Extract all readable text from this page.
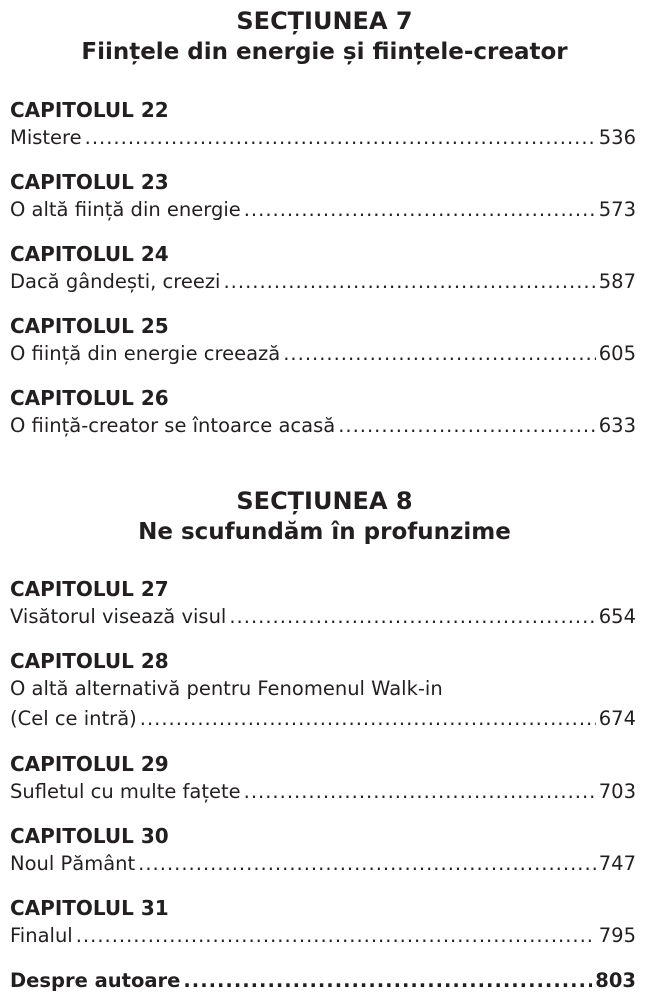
SECȚIUNEA 7
Ființele din energie și ființele-creator
CAPITOLUL 22
Mistere .....	536
CAPITOLUL 23
O altă ființă din energie .....	573
CAPITOLUL 24
Dacă gândești, creezi .....	587
CAPITOLUL 25
O ființă din energie creează .....	605
CAPITOLUL 26
O ființă-creator se întoarce acasă .....	633
SECȚIUNEA 8
Ne scufundăm în profunzime
CAPITOLUL 27
Visătorul visează visul .....	654
CAPITOLUL 28
O altă alternativă pentru Fenomenul Walk-in
(Cel ce intră) .....	674
CAPITOLUL 29
Sufletul cu multe fațete .....	703
CAPITOLUL 30
Noul Pământ .....	747
CAPITOLUL 31
Finalul .....	795
Despre autoare .....	803
